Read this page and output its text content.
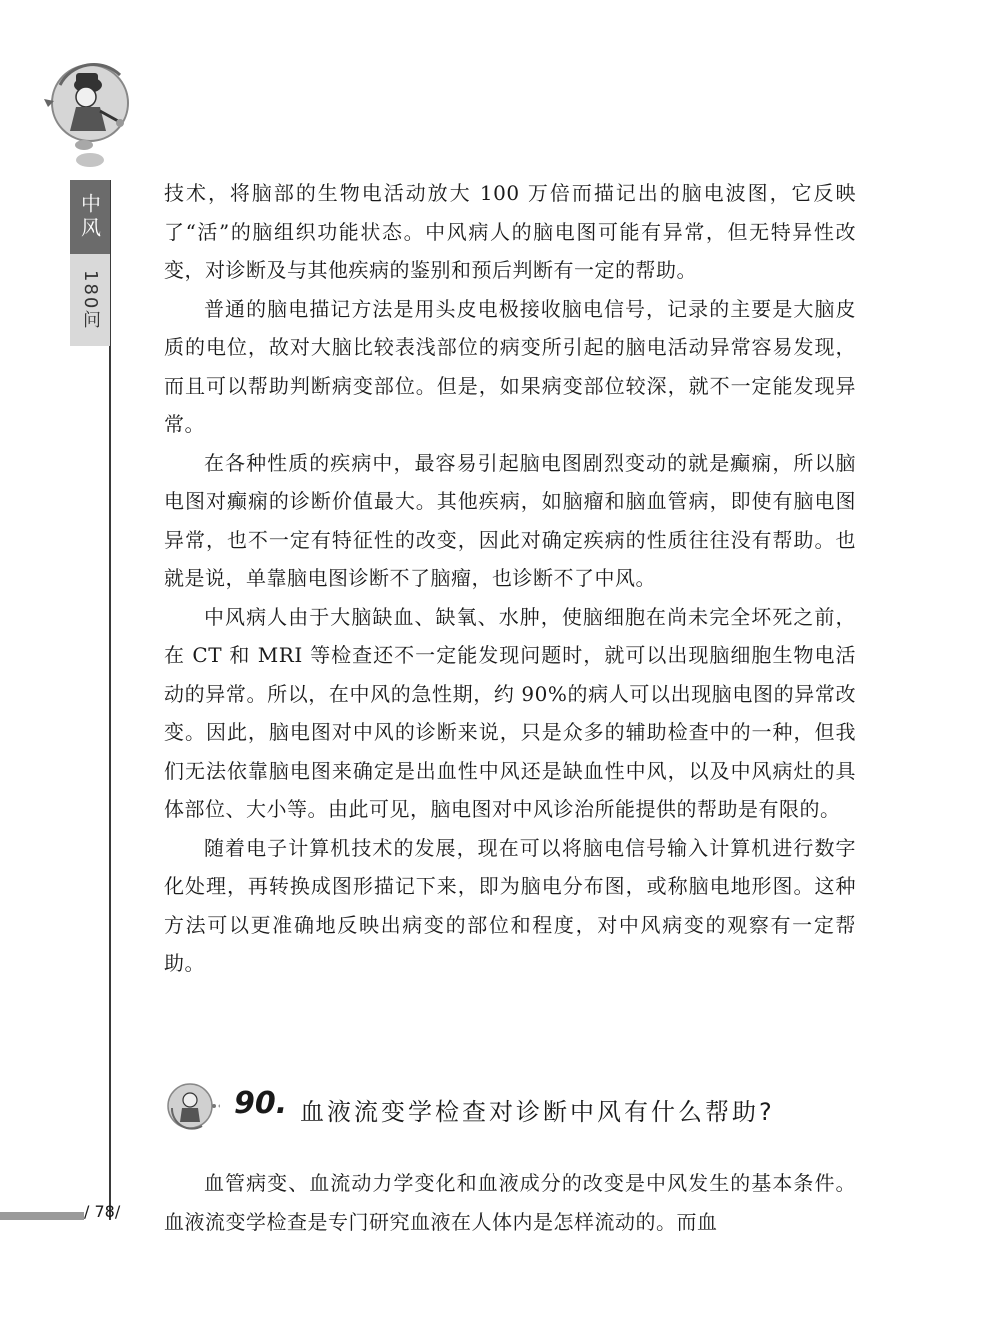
中风
180问

技术，将脑部的生物电活动放大 100 万倍而描记出的脑电波图，它反映了“活”的脑组织功能状态。中风病人的脑电图可能有异常，但无特异性改变，对诊断及与其他疾病的鉴别和预后判断有一定的帮助。

普通的脑电描记方法是用头皮电极接收脑电信号，记录的主要是大脑皮质的电位，故对大脑比较表浅部位的病变所引起的脑电活动异常容易发现，而且可以帮助判断病变部位。但是，如果病变部位较深，就不一定能发现异常。

在各种性质的疾病中，最容易引起脑电图剧烈变动的就是癫痫，所以脑电图对癫痫的诊断价值最大。其他疾病，如脑瘤和脑血管病，即使有脑电图异常，也不一定有特征性的改变，因此对确定疾病的性质往往没有帮助。也就是说，单靠脑电图诊断不了脑瘤，也诊断不了中风。

中风病人由于大脑缺血、缺氧、水肿，使脑细胞在尚未完全坏死之前，在 CT 和 MRI 等检查还不一定能发现问题时，就可以出现脑细胞生物电活动的异常。所以，在中风的急性期，约 90%的病人可以出现脑电图的异常改变。因此，脑电图对中风的诊断来说，只是众多的辅助检查中的一种，但我们无法依靠脑电图来确定是出血性中风还是缺血性中风，以及中风病灶的具体部位、大小等。由此可见，脑电图对中风诊治所能提供的帮助是有限的。

随着电子计算机技术的发展，现在可以将脑电信号输入计算机进行数字化处理，再转换成图形描记下来，即为脑电分布图，或称脑电地形图。这种方法可以更准确地反映出病变的部位和程度，对中风病变的观察有一定帮助。

90. 血液流变学检查对诊断中风有什么帮助?

血管病变、血流动力学变化和血液成分的改变是中风发生的基本条件。血液流变学检查是专门研究血液在人体内是怎样流动的。而血

/ 78/
